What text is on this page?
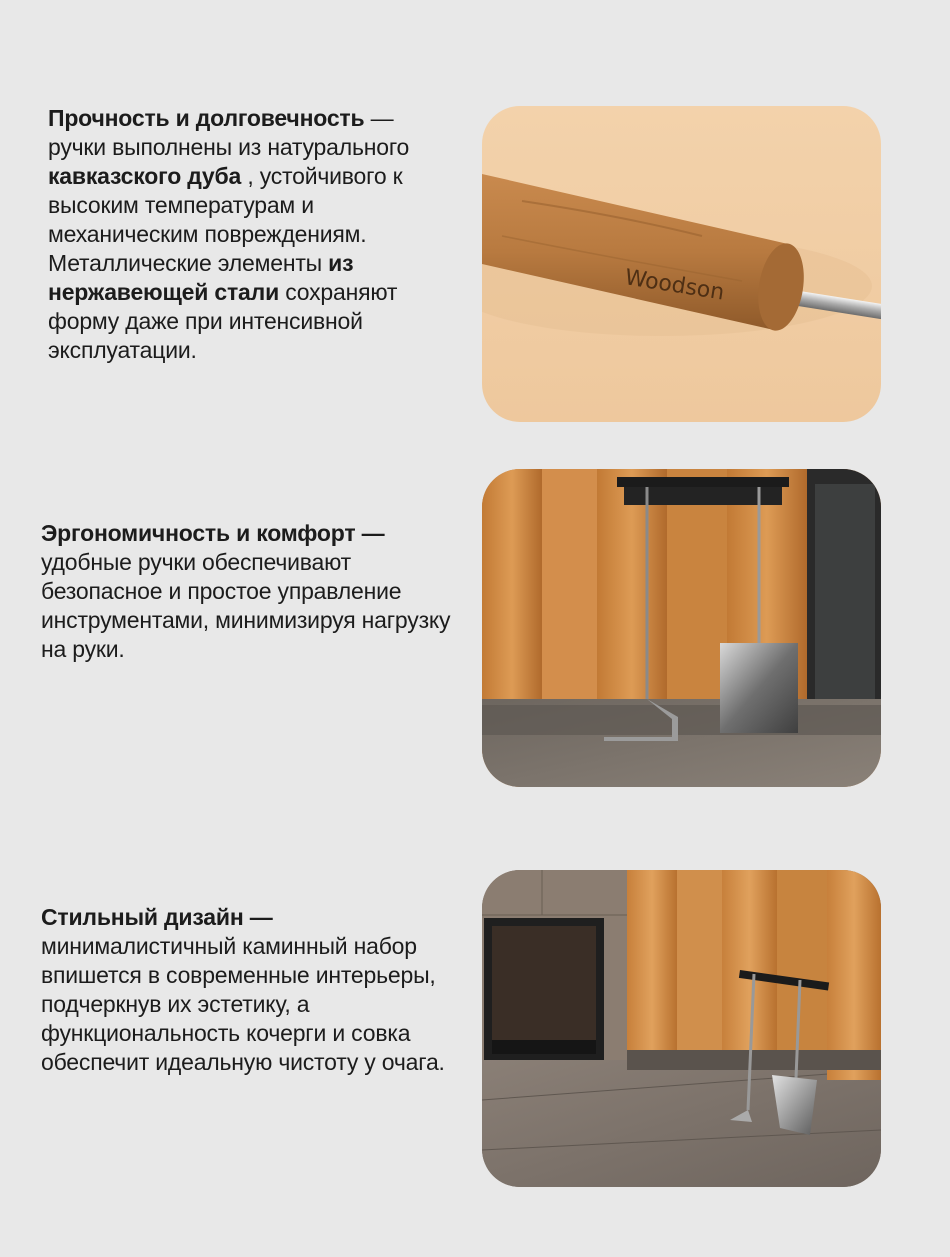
Прочность и долговечность —
ручки выполнены из натурального кавказского дуба , устойчивого к высоким температурам и механическим повреждениям. Металлические элементы из нержавеющей стали сохраняют форму даже при интенсивной эксплуатации.
Woodson
Эргономичность и комфорт —
удобные ручки обеспечивают безопасное и простое управление инструментами, минимизируя нагрузку на руки.
Стильный дизайн —
минималистичный каминный набор впишется в современные интерьеры, подчеркнув их эстетику, а функциональность кочерги и совка обеспечит идеальную чистоту у очага.
